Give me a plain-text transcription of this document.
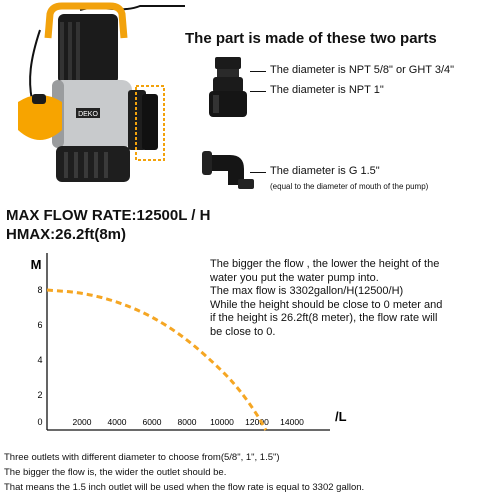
The part is made of these two parts
DEKO
The diameter is NPT 5/8" or GHT 3/4"
The diameter is NPT 1"
The diameter is G 1.5"
(equal to the diameter of mouth of the pump)
MAX FLOW RATE:12500L / H
HMAX:26.2ft(8m)
M
/L
2000 4000 6000 8000 10000 12000 14000
0
2
4
6
8
The bigger the flow , the lower the height of the
water you put the water pump into.
The max flow is 3302gallon/H(12500/H)
While the height should be close to 0 meter and
if the height is 26.2ft(8 meter), the flow rate will
be close to 0.
Three outlets with different diameter to choose from(5/8", 1", 1.5")
The bigger the flow is, the wider the outlet should be.
That means the 1.5 inch outlet will be used when the flow rate is equal to 3302 gallon.
